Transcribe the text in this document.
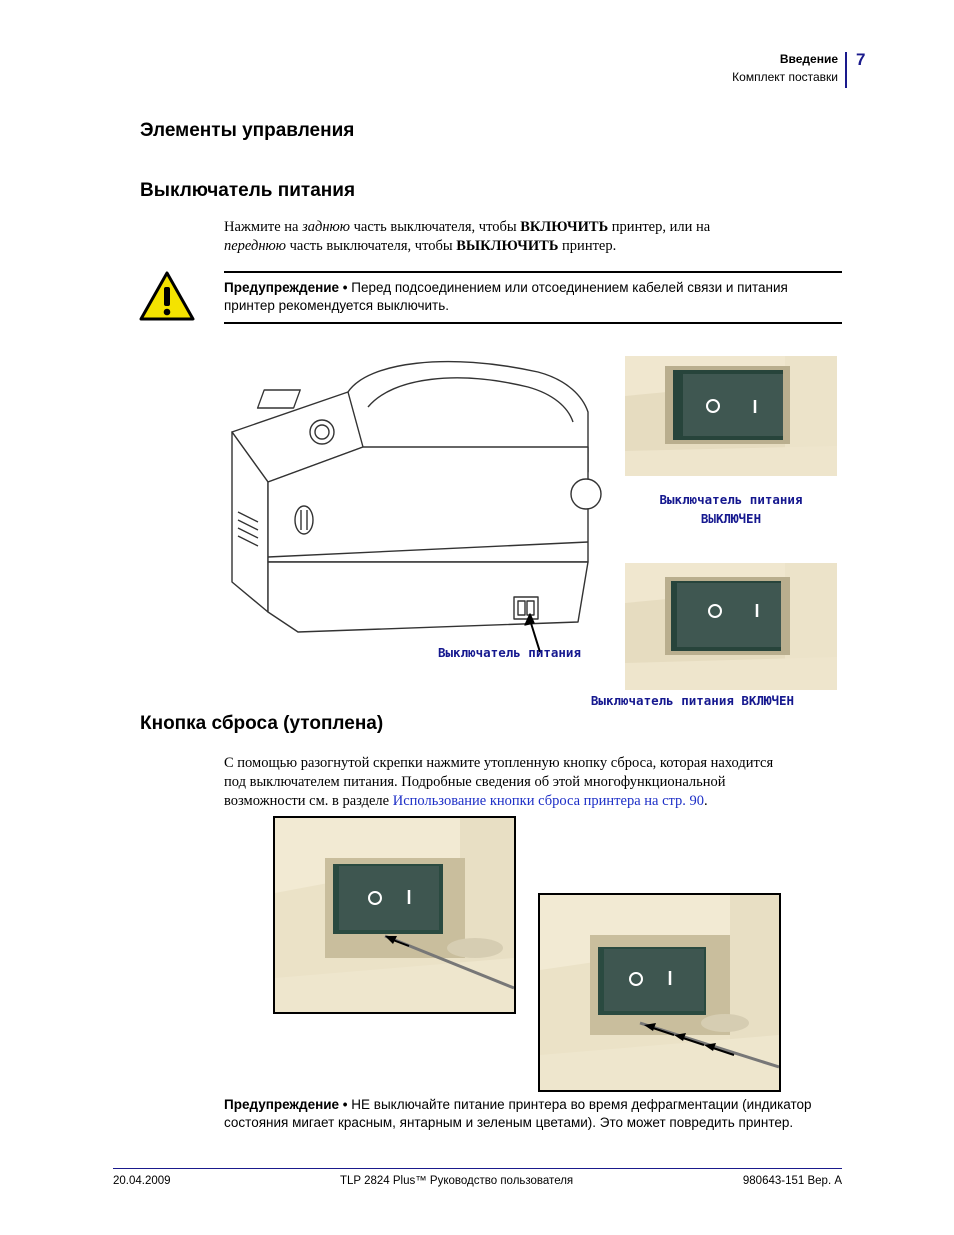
Введение
Комплект поставки
7
Элементы управления
Выключатель питания
Нажмите на заднюю часть выключателя, чтобы ВКЛЮЧИТЬ принтер, или на
переднюю часть выключателя, чтобы ВЫКЛЮЧИТЬ принтер.
Предупреждение • Перед подсоединением или отсоединением кабелей связи и питания принтер рекомендуется выключить.
Выключатель питания
Выключатель питания
ВЫКЛЮЧЕН
Выключатель питания ВКЛЮЧЕН
Кнопка сброса (утоплена)
С помощью разогнутой скрепки нажмите утопленную кнопку сброса, которая находится
под выключателем питания. Подробные сведения об этой многофункциональной
возможности см. в разделе Использование кнопки сброса принтера на стр. 90.
Предупреждение • НЕ выключайте питание принтера во время дефрагментации (индикатор состояния мигает красным, янтарным и зеленым цветами). Это может повредить принтер.
20.04.2009	TLP 2824 Plus™ Руководство пользователя	980643-151 Вер. A
